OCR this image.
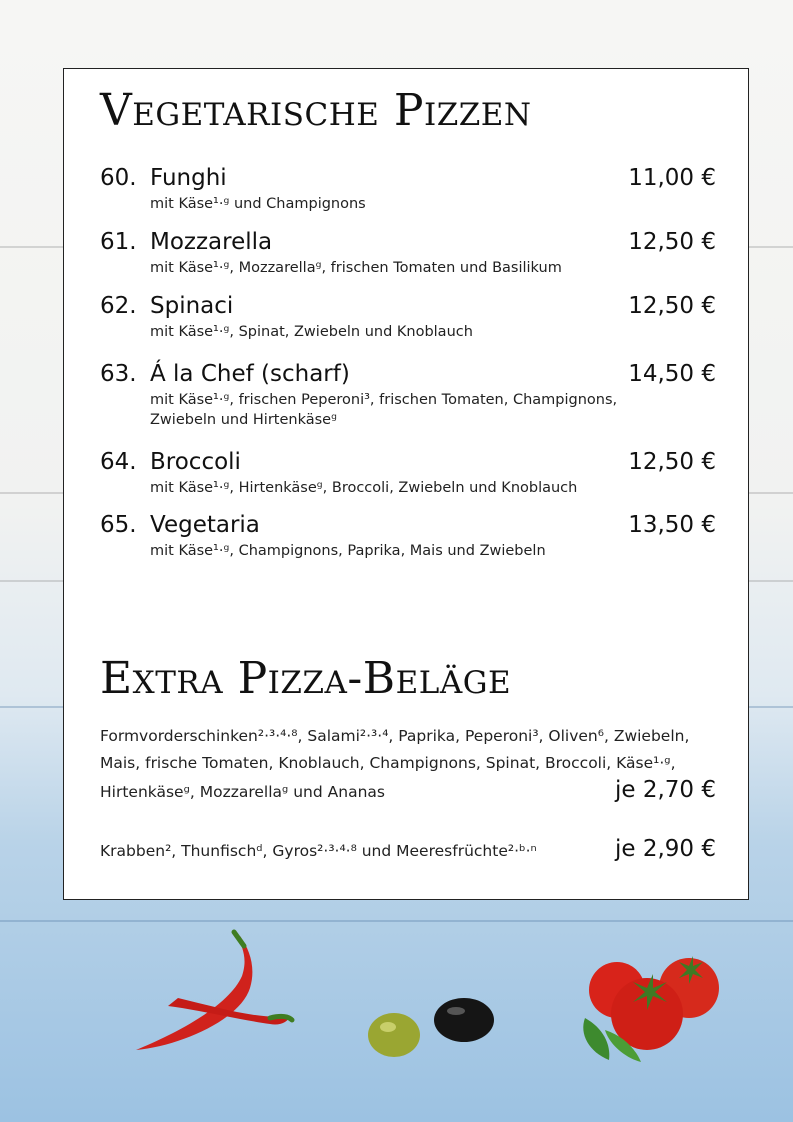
Vegetarische Pizzen
60. Funghi	11,00 €
mit Käse¹·ᵍ und Champignons
61. Mozzarella	12,50 €
mit Käse¹·ᵍ, Mozzarellaᵍ, frischen Tomaten und Basilikum
62. Spinaci	12,50 €
mit Käse¹·ᵍ, Spinat, Zwiebeln und Knoblauch
63. Á la Chef (scharf)	14,50 €
mit Käse¹·ᵍ, frischen Peperoni³, frischen Tomaten, Champignons, Zwiebeln und Hirtenkäseᵍ
64. Broccoli	12,50 €
mit Käse¹·ᵍ, Hirtenkäseᵍ, Broccoli, Zwiebeln und Knoblauch
65. Vegetaria	13,50 €
mit Käse¹·ᵍ, Champignons, Paprika, Mais und Zwiebeln
Extra Pizza-Beläge
Formvorderschinken²·³·⁴·⁸, Salami²·³·⁴, Paprika, Peperoni³, Oliven⁶, Zwiebeln,
Mais, frische Tomaten, Knoblauch, Champignons, Spinat, Broccoli, Käse¹·ᵍ,
Hirtenkäseᵍ, Mozzarellaᵍ und Ananas	je 2,70 €
Krabben², Thunfischᵈ, Gyros²·³·⁴·⁸ und Meeresfrüchte²·ᵇ·ⁿ	je 2,90 €
